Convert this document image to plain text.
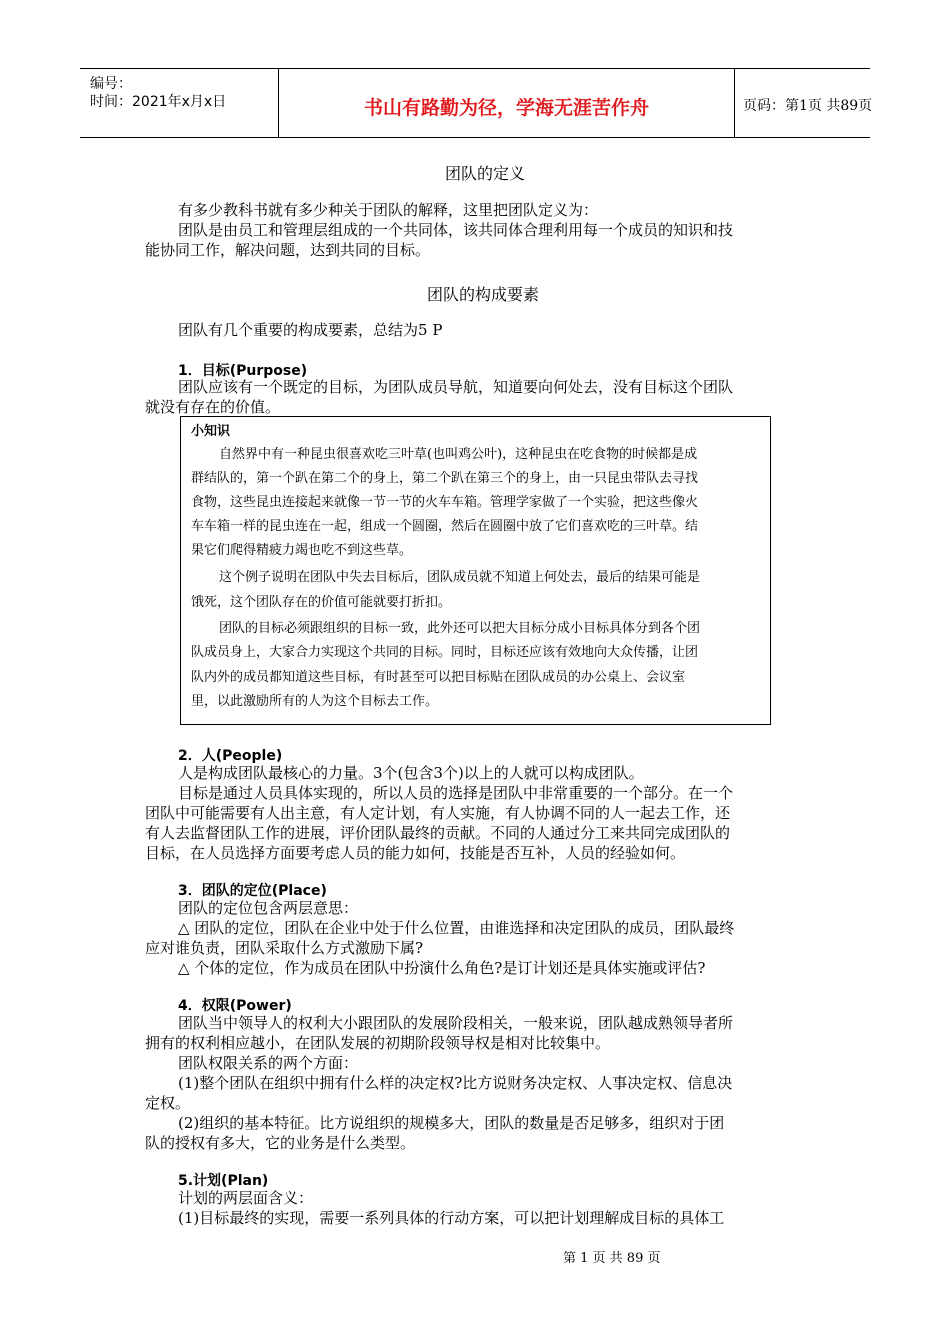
编号：
时间：2021年x月x日	书山有路勤为径，学海无涯苦作舟	页码：第1页 共89页
团队的定义
有多少教科书就有多少种关于团队的解释，这里把团队定义为：
团队是由员工和管理层组成的一个共同体，该共同体合理利用每一个成员的知识和技
能协同工作，解决问题，达到共同的目标。
团队的构成要素
团队有几个重要的构成要素，总结为5 P
1．目标(Purpose)
团队应该有一个既定的目标，为团队成员导航，知道要向何处去，没有目标这个团队
就没有存在的价值。
小知识
自然界中有一种昆虫很喜欢吃三叶草(也叫鸡公叶)，这种昆虫在吃食物的时候都是成
群结队的，第一个趴在第二个的身上，第二个趴在第三个的身上，由一只昆虫带队去寻找
食物，这些昆虫连接起来就像一节一节的火车车箱。管理学家做了一个实验，把这些像火
车车箱一样的昆虫连在一起，组成一个圆圈，然后在圆圈中放了它们喜欢吃的三叶草。结
果它们爬得精疲力竭也吃不到这些草。
这个例子说明在团队中失去目标后，团队成员就不知道上何处去，最后的结果可能是
饿死，这个团队存在的价值可能就要打折扣。
团队的目标必须跟组织的目标一致，此外还可以把大目标分成小目标具体分到各个团
队成员身上，大家合力实现这个共同的目标。同时，目标还应该有效地向大众传播，让团
队内外的成员都知道这些目标，有时甚至可以把目标贴在团队成员的办公桌上、会议室
里，以此激励所有的人为这个目标去工作。
2．人(People)
人是构成团队最核心的力量。3个(包含3个)以上的人就可以构成团队。
目标是通过人员具体实现的，所以人员的选择是团队中非常重要的一个部分。在一个
团队中可能需要有人出主意，有人定计划，有人实施，有人协调不同的人一起去工作，还
有人去监督团队工作的进展，评价团队最终的贡献。不同的人通过分工来共同完成团队的
目标，在人员选择方面要考虑人员的能力如何，技能是否互补，人员的经验如何。
3．团队的定位(Place)
团队的定位包含两层意思：
△ 团队的定位，团队在企业中处于什么位置，由谁选择和决定团队的成员，团队最终
应对谁负责，团队采取什么方式激励下属?
△ 个体的定位，作为成员在团队中扮演什么角色?是订计划还是具体实施或评估?
4．权限(Power)
团队当中领导人的权利大小跟团队的发展阶段相关，一般来说，团队越成熟领导者所
拥有的权利相应越小，在团队发展的初期阶段领导权是相对比较集中。
团队权限关系的两个方面：
(1)整个团队在组织中拥有什么样的决定权?比方说财务决定权、人事决定权、信息决
定权。
(2)组织的基本特征。比方说组织的规模多大，团队的数量是否足够多，组织对于团
队的授权有多大，它的业务是什么类型。
5.计划(Plan)
计划的两层面含义：
(1)目标最终的实现，需要一系列具体的行动方案，可以把计划理解成目标的具体工
第 1 页 共 89 页
